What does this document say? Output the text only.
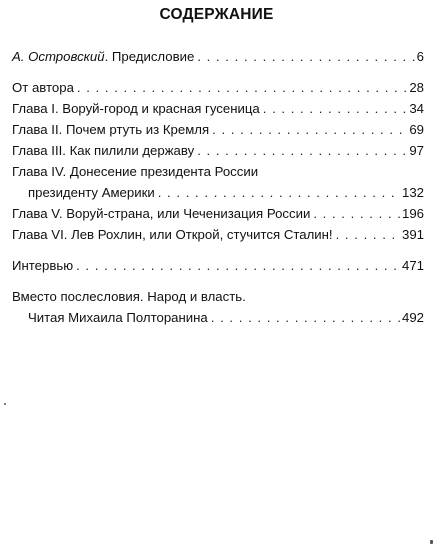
СОДЕРЖАНИЕ
А. Островский. Предисловие . . .	6
От автора . . .	28
Глава I. Воруй-город и красная гусеница . . .	34
Глава II. Почем ртуть из Кремля . . .	69
Глава III. Как пилили державу . . .	97
Глава IV. Донесение президента России
президенту Америки . . .	132
Глава V. Воруй-страна, или Чеченизация России . . .	196
Глава VI. Лев Рохлин, или Открой, стучится Сталин! . . .	391
Интервью . . .	471
Вместо послесловия. Народ и власть.
Читая Михаила Полторанина . . .	492
